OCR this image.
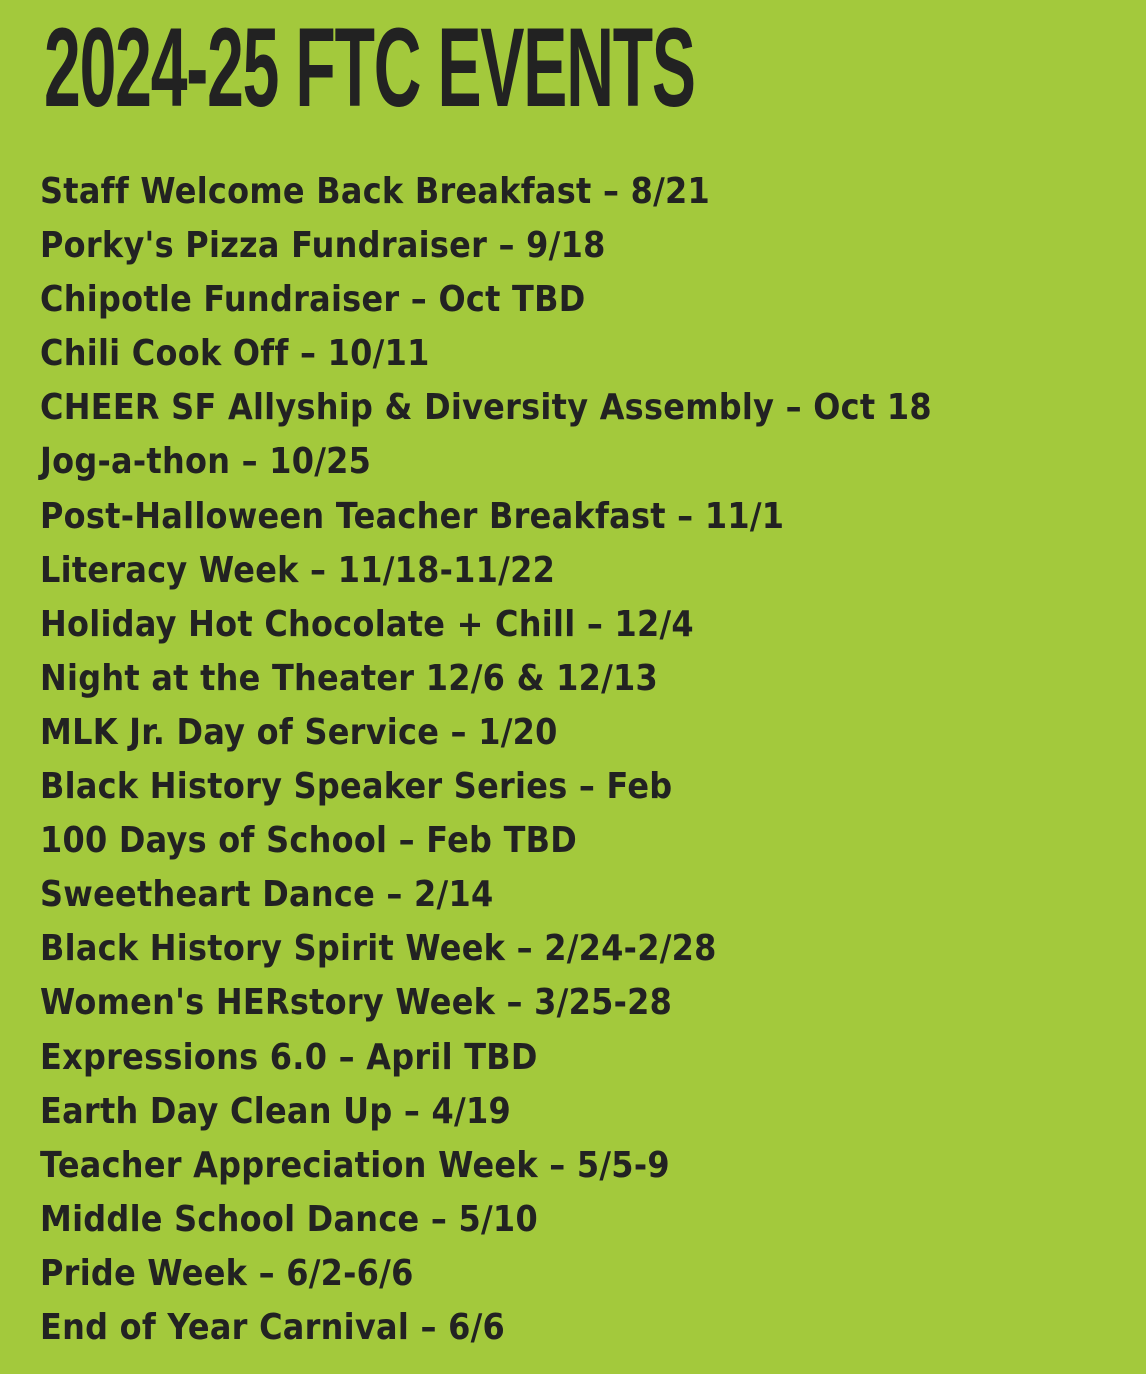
2024-25 FTC EVENTS
Staff Welcome Back Breakfast – 8/21
Porky's Pizza Fundraiser – 9/18
Chipotle Fundraiser – Oct TBD
Chili Cook Off – 10/11
CHEER SF Allyship & Diversity Assembly – Oct 18
Jog-a-thon – 10/25
Post-Halloween Teacher Breakfast – 11/1
Literacy Week – 11/18-11/22
Holiday Hot Chocolate + Chill – 12/4
Night at the Theater 12/6 & 12/13
MLK Jr. Day of Service – 1/20
Black History Speaker Series – Feb
100 Days of School – Feb TBD
Sweetheart Dance – 2/14
Black History Spirit Week – 2/24-2/28
Women's HERstory Week – 3/25-28
Expressions 6.0 – April TBD
Earth Day Clean Up – 4/19
Teacher Appreciation Week – 5/5-9
Middle School Dance – 5/10
Pride Week – 6/2-6/6
End of Year Carnival – 6/6
